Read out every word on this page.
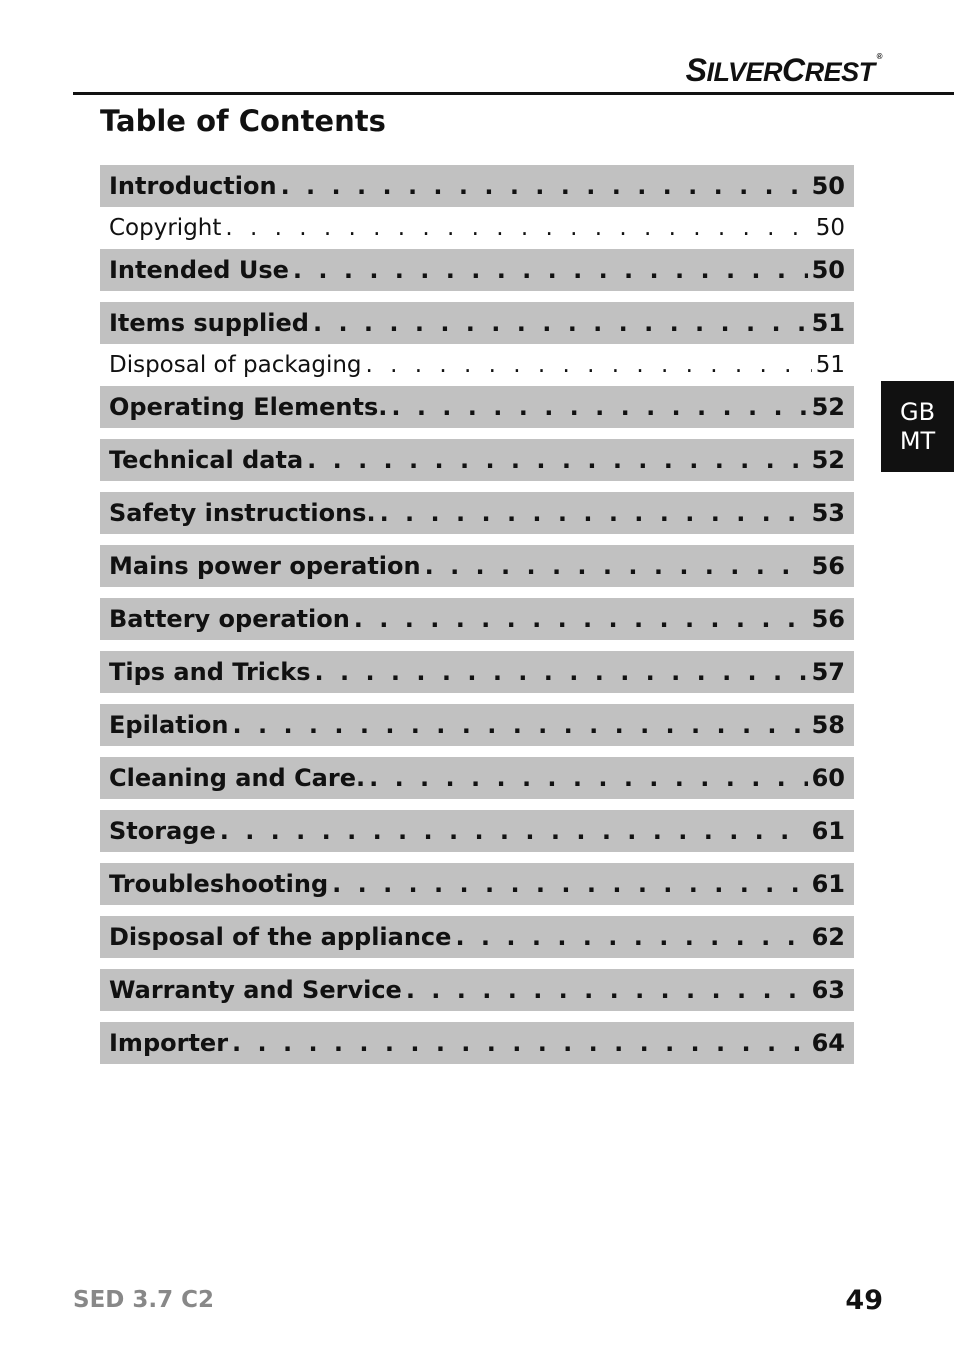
SILVERCREST®
Table of Contents
Introduction . . .	50
Copyright . . .	50
Intended Use . . .	50
Items supplied . . .	51
Disposal of packaging . . .	51
Operating Elements. . . .	52
Technical data . . .	52
Safety instructions. . . .	53
Mains power operation . . .	56
Battery operation . . .	56
Tips and Tricks . . .	57
Epilation . . .	58
Cleaning and Care. . . .	60
Storage . . .	61
Troubleshooting . . .	61
Disposal of the appliance . . .	62
Warranty and Service . . .	63
Importer . . .	64
GB
MT
SED 3.7 C2	49
